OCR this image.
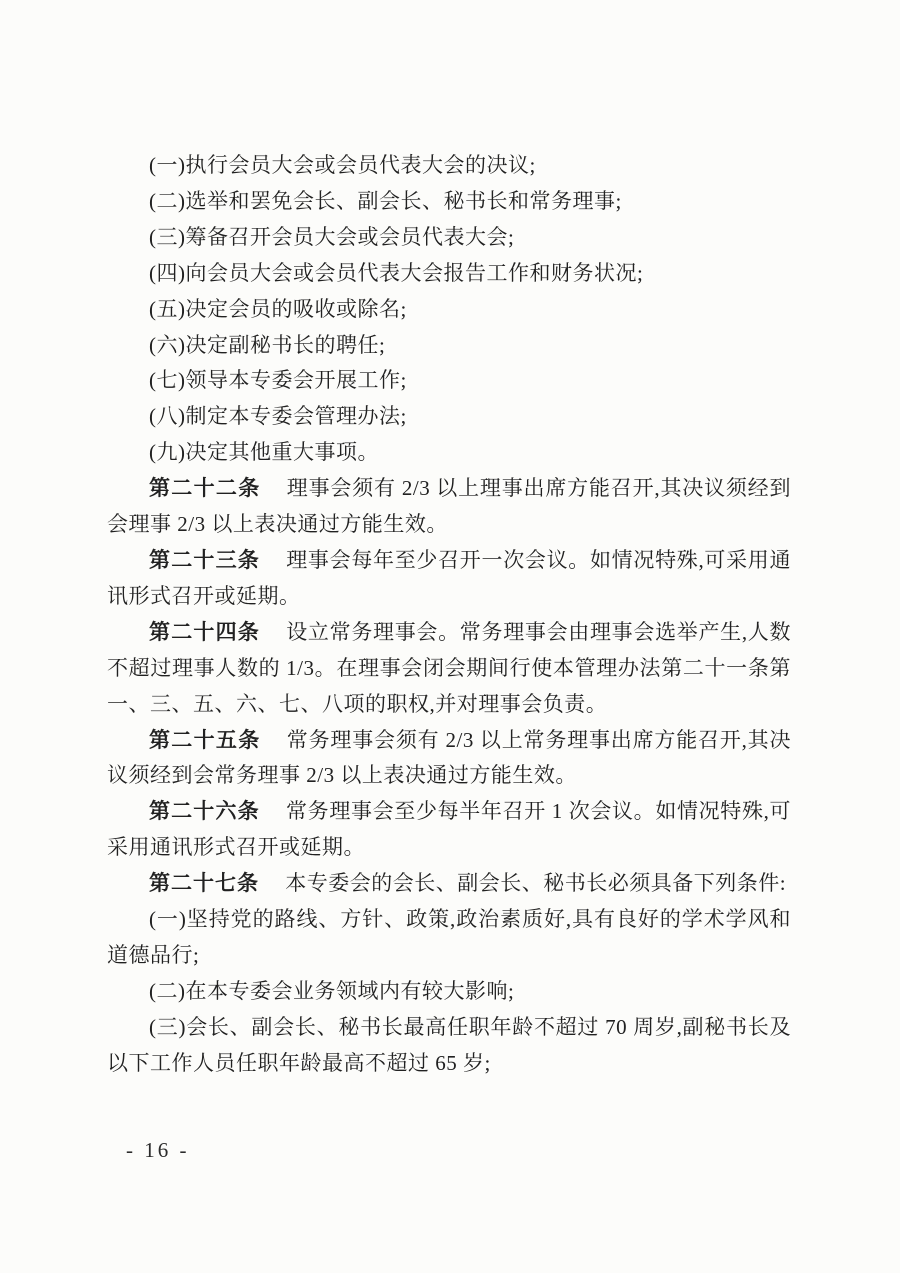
(一)执行会员大会或会员代表大会的决议;

(二)选举和罢免会长、副会长、秘书长和常务理事;

(三)筹备召开会员大会或会员代表大会;

(四)向会员大会或会员代表大会报告工作和财务状况;

(五)决定会员的吸收或除名;

(六)决定副秘书长的聘任;

(七)领导本专委会开展工作;

(八)制定本专委会管理办法;

(九)决定其他重大事项。

第二十二条 理事会须有 2/3 以上理事出席方能召开,其决议须经到会理事 2/3 以上表决通过方能生效。

第二十三条 理事会每年至少召开一次会议。如情况特殊,可采用通讯形式召开或延期。

第二十四条 设立常务理事会。常务理事会由理事会选举产生,人数不超过理事人数的 1/3。在理事会闭会期间行使本管理办法第二十一条第一、三、五、六、七、八项的职权,并对理事会负责。

第二十五条 常务理事会须有 2/3 以上常务理事出席方能召开,其决议须经到会常务理事 2/3 以上表决通过方能生效。

第二十六条 常务理事会至少每半年召开 1 次会议。如情况特殊,可采用通讯形式召开或延期。

第二十七条 本专委会的会长、副会长、秘书长必须具备下列条件:

(一)坚持党的路线、方针、政策,政治素质好,具有良好的学术学风和道德品行;

(二)在本专委会业务领域内有较大影响;

(三)会长、副会长、秘书长最高任职年龄不超过 70 周岁,副秘书长及以下工作人员任职年龄最高不超过 65 岁;

- 16 -
